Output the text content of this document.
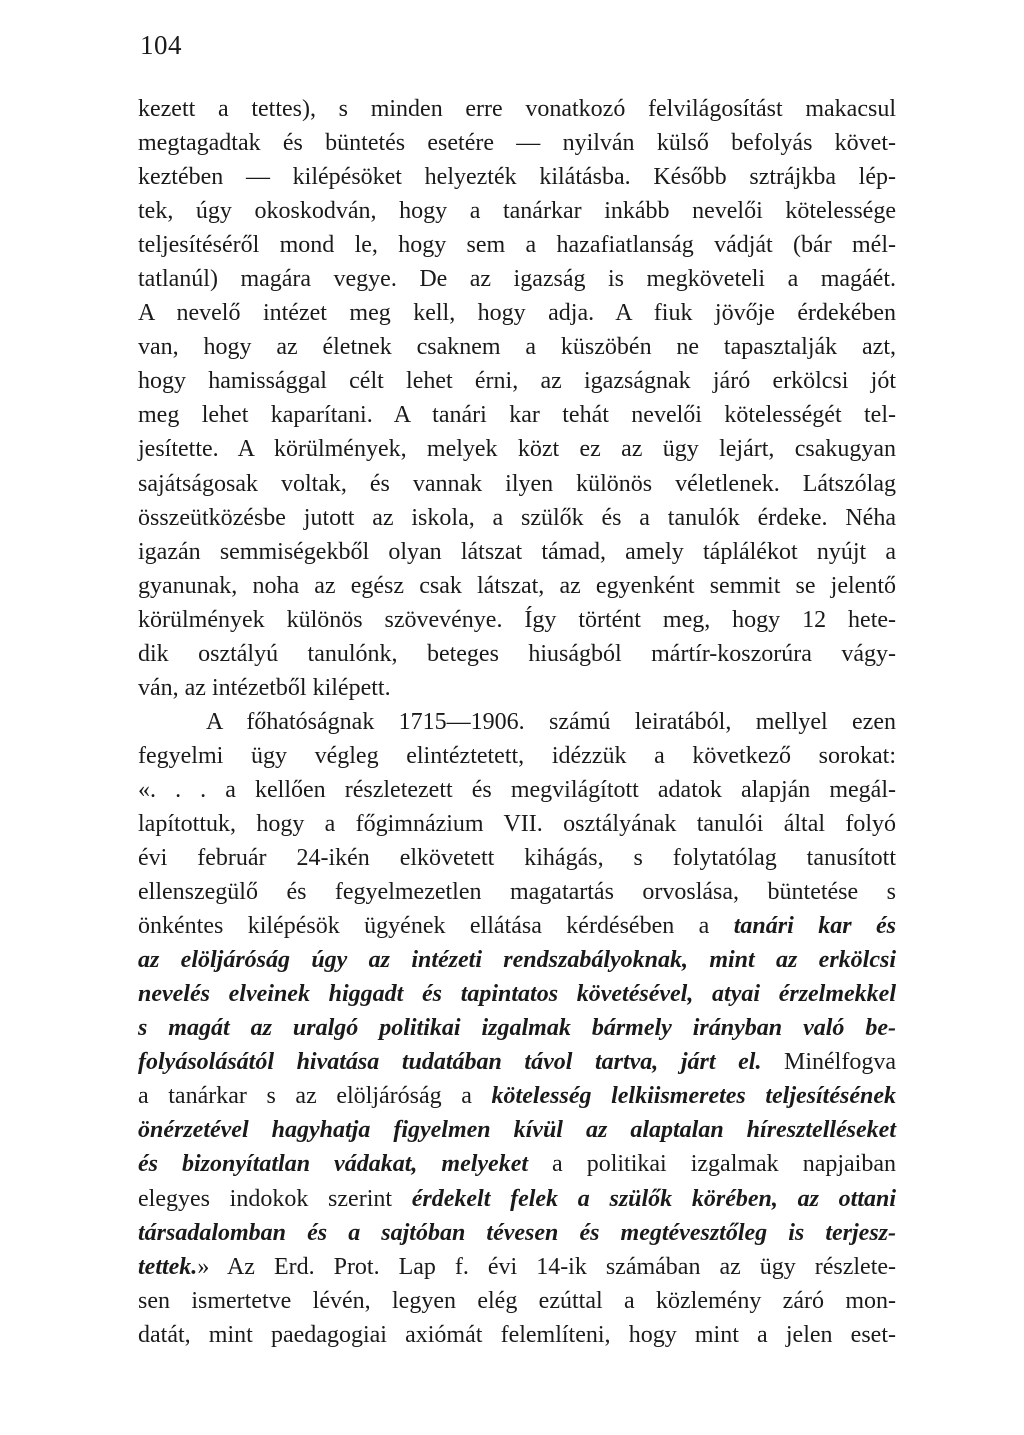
104
kezett a tettes), s minden erre vonatkozó felvilágosítást makacsul
megtagadtak és büntetés esetére — nyilván külső befolyás követ-
keztében — kilépésöket helyezték kilátásba. Később sztrájkba lép-
tek, úgy okoskodván, hogy a tanárkar inkább nevelői kötelessége
teljesítéséről mond le, hogy sem a hazafiatlanság vádját (bár mél-
tatlanúl) magára vegye. De az igazság is megköveteli a magáét.
A nevelő intézet meg kell, hogy adja. A fiuk jövője érdekében
van, hogy az életnek csaknem a küszöbén ne tapasztalják azt,
hogy hamissággal célt lehet érni, az igazságnak járó erkölcsi jót
meg lehet kaparítani. A tanári kar tehát nevelői kötelességét tel-
jesítette. A körülmények, melyek közt ez az ügy lejárt, csakugyan
sajátságosak voltak, és vannak ilyen különös véletlenek. Látszólag
összeütközésbe jutott az iskola, a szülők és a tanulók érdeke. Néha
igazán semmiségekből olyan látszat támad, amely táplálékot nyújt a
gyanunak, noha az egész csak látszat, az egyenként semmit se jelentő
körülmények különös szövevénye. Így történt meg, hogy 12 hete-
dik osztályú tanulónk, beteges hiuságból mártír-koszorúra vágy-
ván, az intézetből kilépett.
A főhatóságnak 1715—1906. számú leiratából, mellyel ezen
fegyelmi ügy végleg elintéztetett, idézzük a következő sorokat:
«. . . a kellően részletezett és megvilágított adatok alapján megál-
lapítottuk, hogy a főgimnázium VII. osztályának tanulói által folyó
évi február 24-ikén elkövetett kihágás, s folytatólag tanusított
ellenszegülő és fegyelmezetlen magatartás orvoslása, büntetése s
önkéntes kilépésök ügyének ellátása kérdésében a tanári kar és
az elöljáróság úgy az intézeti rendszabályoknak, mint az erkölcsi
nevelés elveinek higgadt és tapintatos követésével, atyai érzelmekkel
s magát az uralgó politikai izgalmak bármely irányban való be-
folyásolásától hivatása tudatában távol tartva, járt el. Minélfogva
a tanárkar s az elöljáróság a kötelesség lelkiismeretes teljesítésének
önérzetével hagyhatja figyelmen kívül az alaptalan híresztelléseket
és bizonyítatlan vádakat, melyeket a politikai izgalmak napjaiban
elegyes indokok szerint érdekelt felek a szülők körében, az ottani
társadalomban és a sajtóban tévesen és megtévesztőleg is terjesz-
tettek.» Az Erd. Prot. Lap f. évi 14-ik számában az ügy részlete-
sen ismertetve lévén, legyen elég ezúttal a közlemény záró mon-
datát, mint paedagogiai axiómát felemlíteni, hogy mint a jelen eset-
